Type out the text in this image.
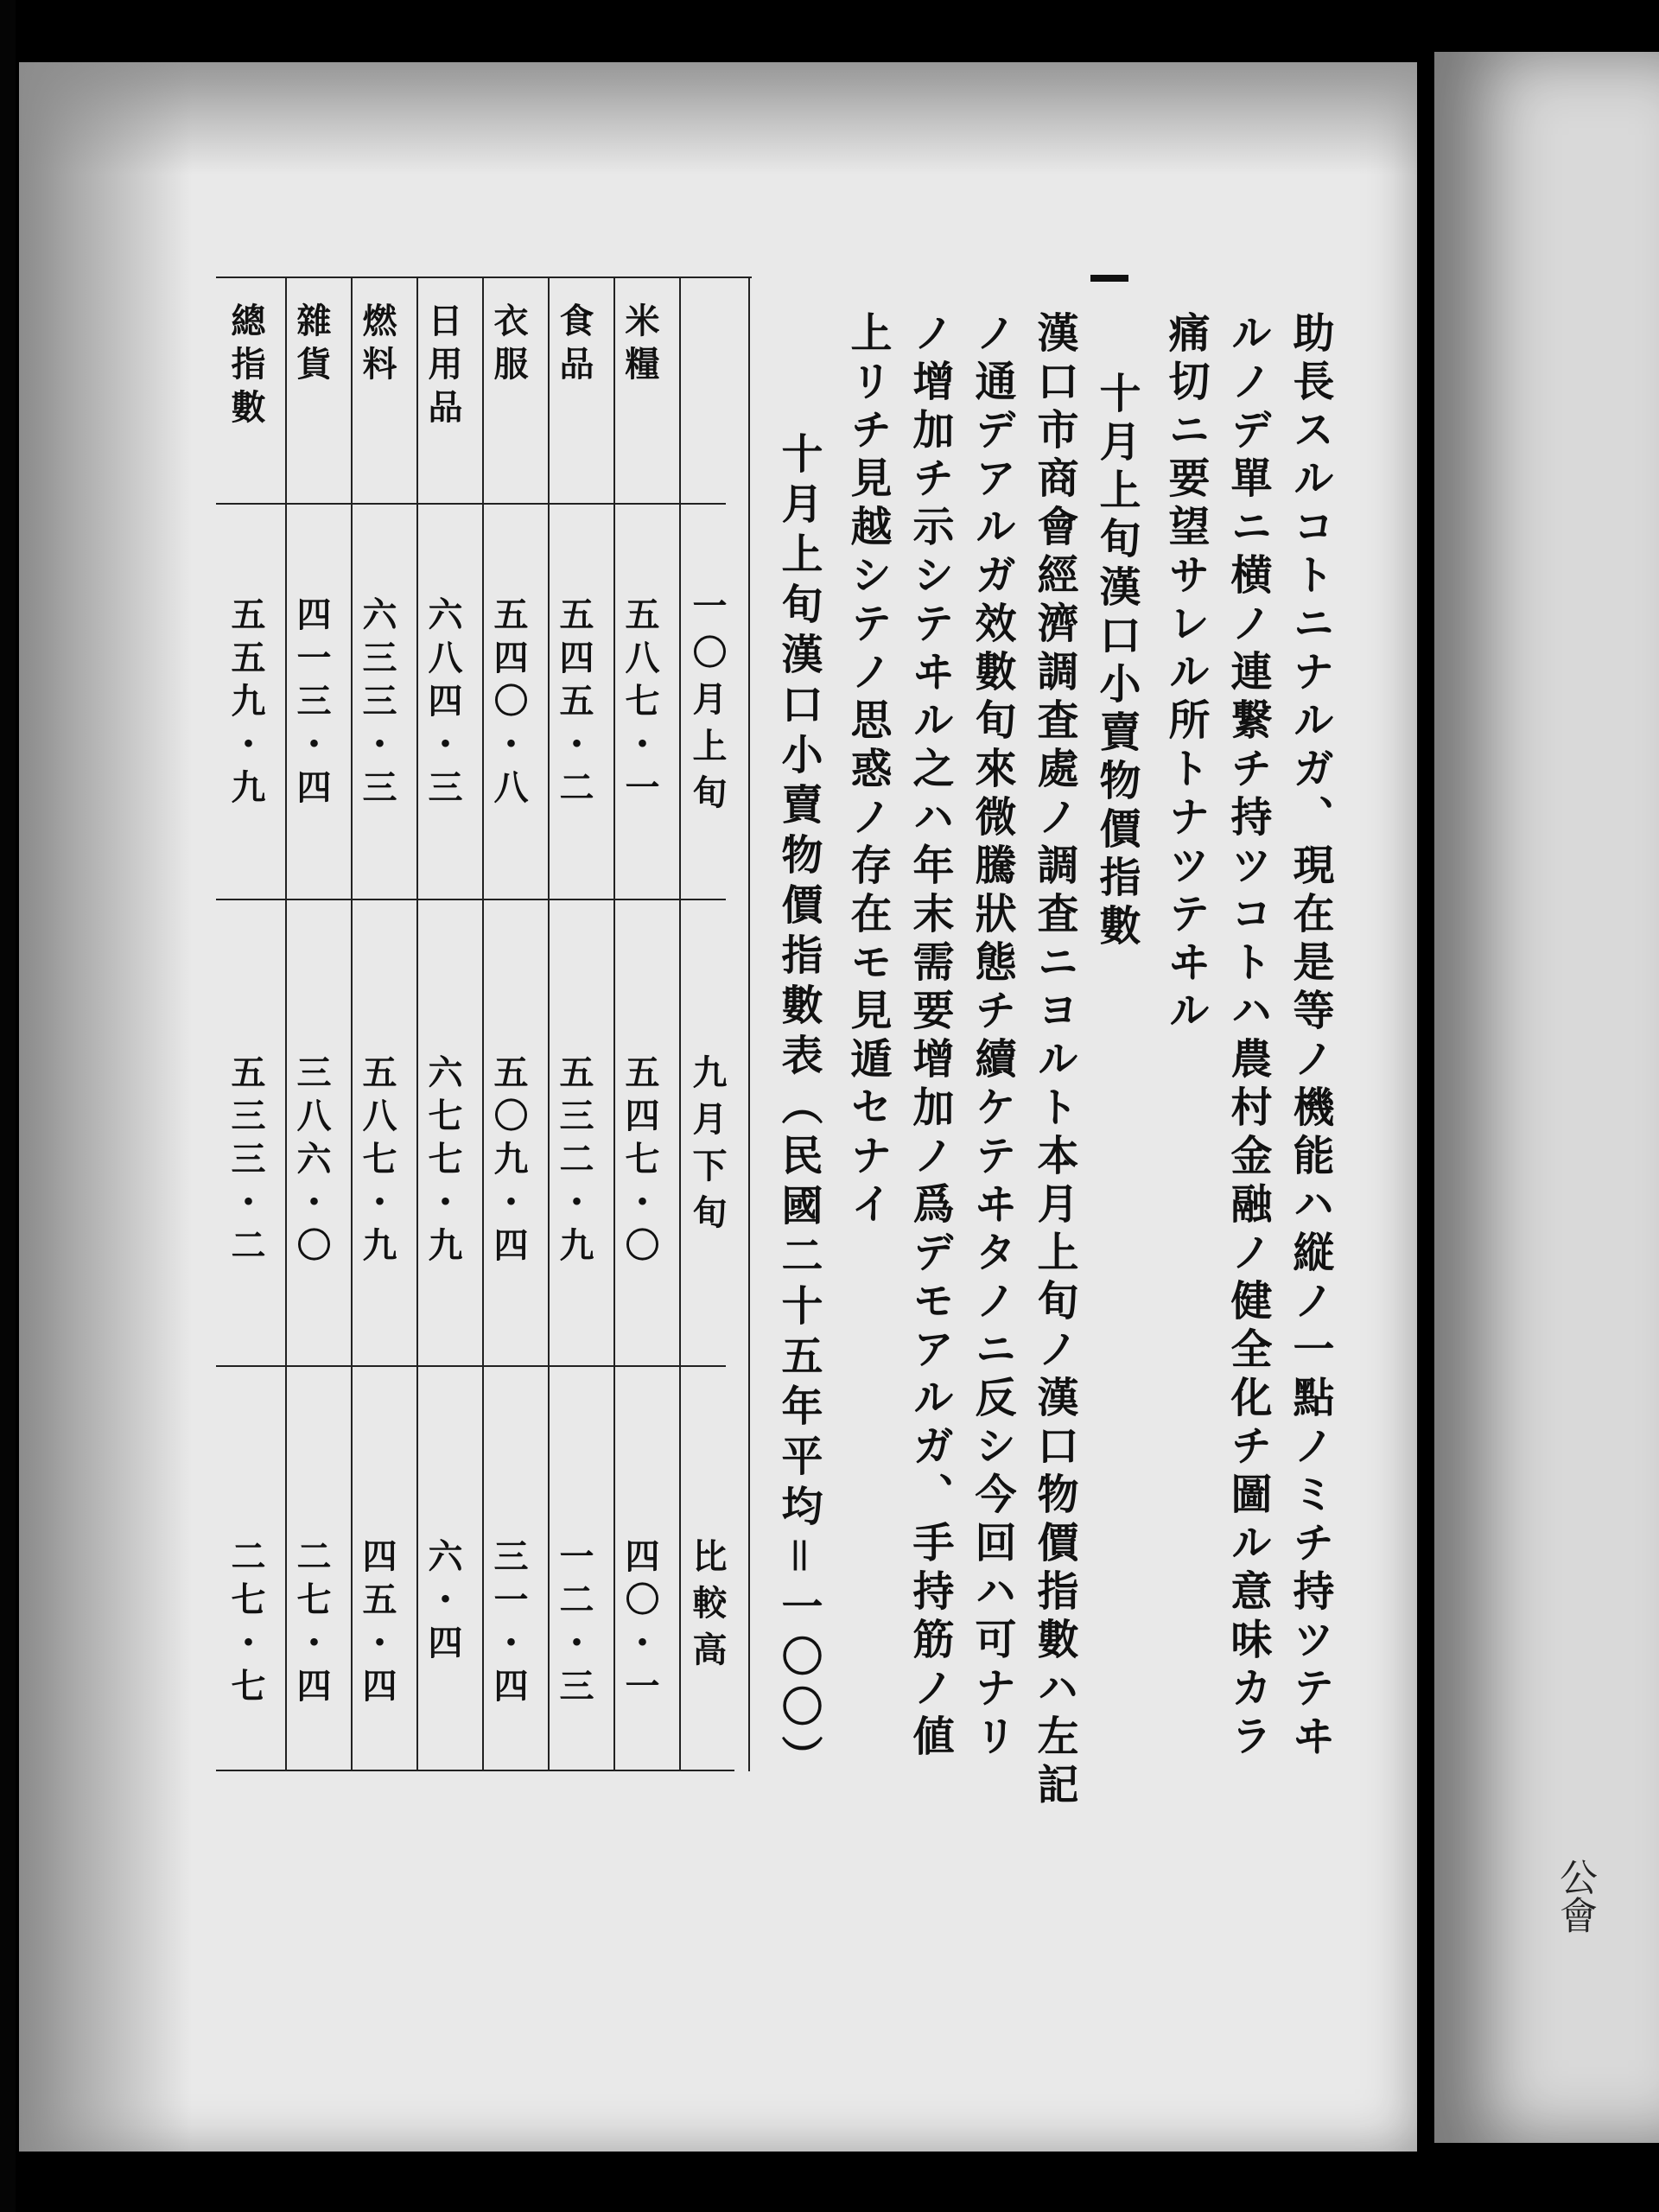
公會
助長スルコトニナルガ、現在是等ノ機能ハ縦ノ一點ノミチ持ツテヰ
ルノデ單ニ横ノ連繋チ持ツコトハ農村金融ノ健全化チ圖ル意味カラ
痛切ニ要望サレル所トナツテヰル
十月上旬漢口小賣物價指數
漢口市商會經濟調査處ノ調査ニヨルト本月上旬ノ漢口物價指數ハ左記
ノ通デアルガ效數旬來微騰狀態チ續ケテヰタノニ反シ今回ハ可ナリ
ノ增加チ示シテヰル之ハ年末需要增加ノ爲デモアルガ、手持筋ノ値
上リチ見越シテノ思惑ノ存在モ見遁セナイ
十月上旬漢口小賣物價指數表（民國二十五年平均＝一〇〇）
一〇月上旬
九月下旬
比較高
米糧
五八七・一
五四七・〇
四〇・一
食品
五四五・二
五三二・九
一二・三
衣服
五四〇・八
五〇九・四
三一・四
日用品
六八四・三
六七七・九
六・四
燃料
六三三・三
五八七・九
四五・四
雜貨
四一三・四
三八六・〇
二七・四
總指數
五五九・九
五三三・二
二七・七
